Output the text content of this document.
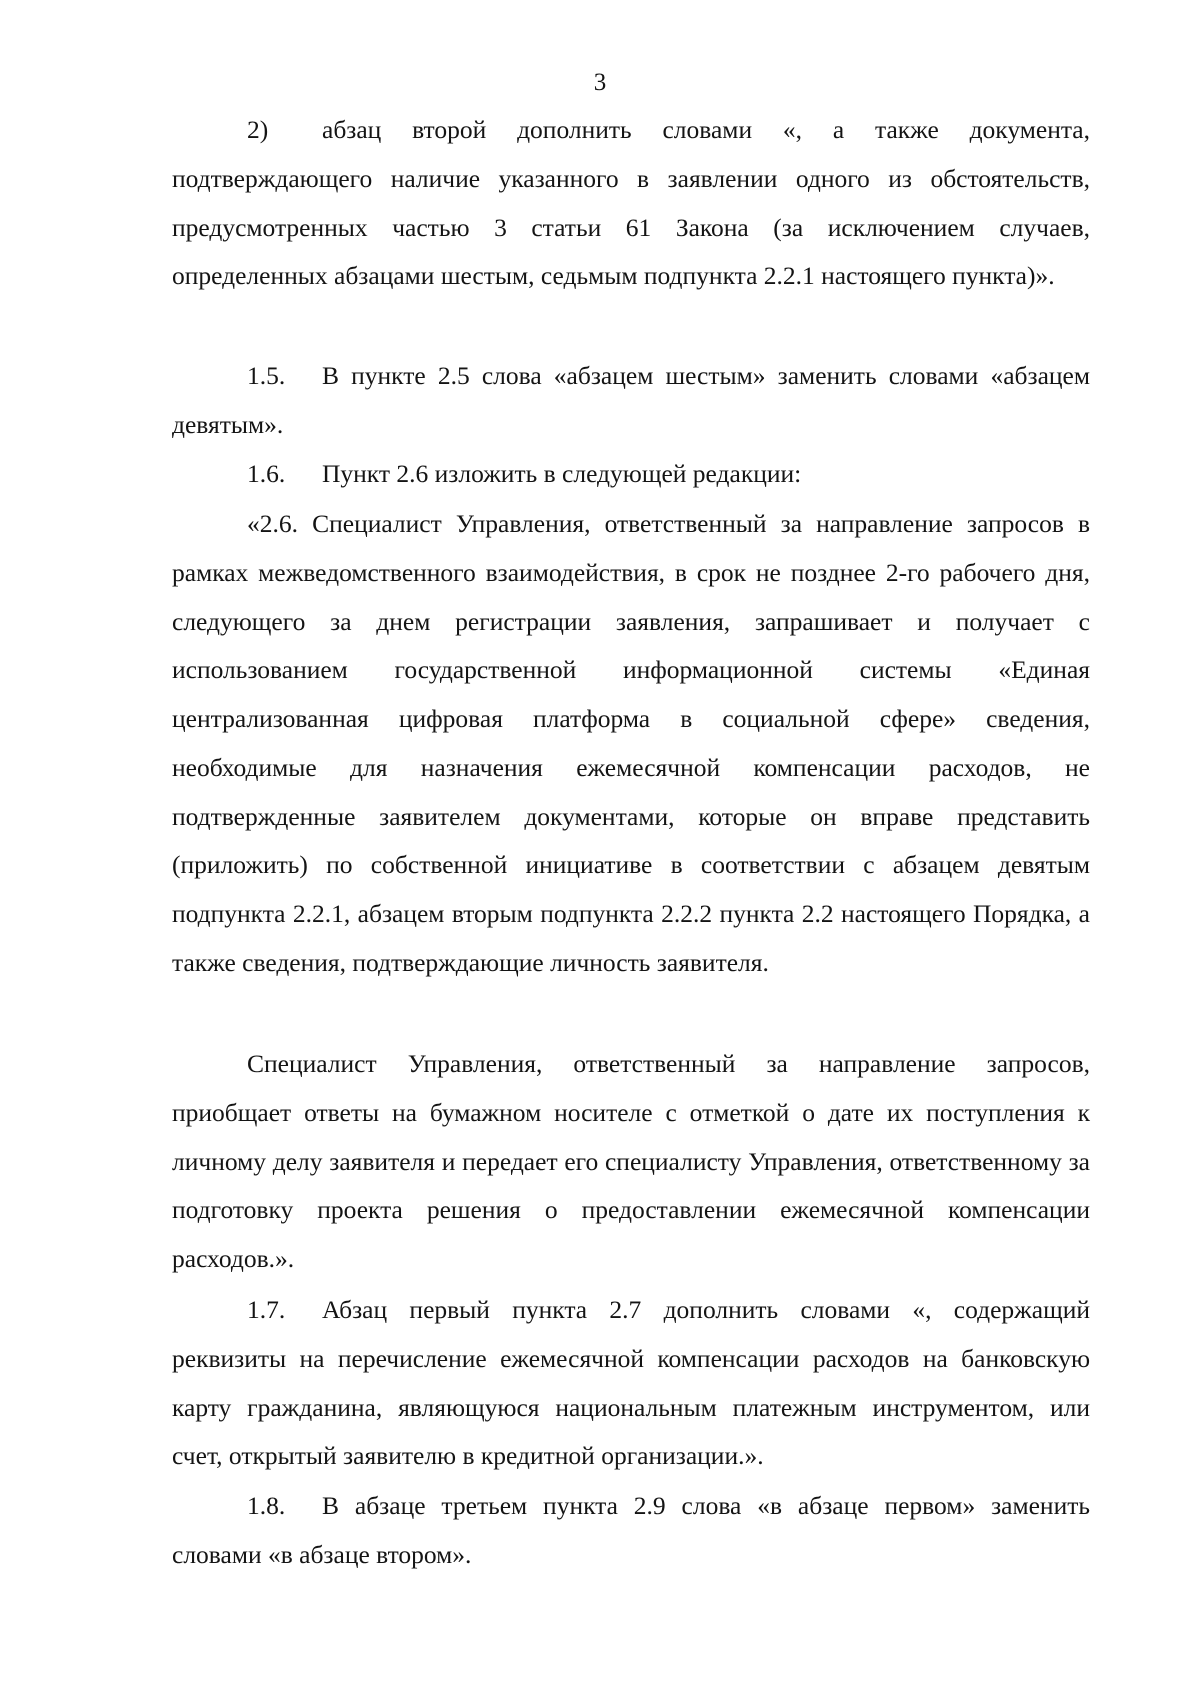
3

2) абзац второй дополнить словами «, а также документа, подтверждающего наличие указанного в заявлении одного из обстоятельств, предусмотренных частью 3 статьи 61 Закона (за исключением случаев, определенных абзацами шестым, седьмым подпункта 2.2.1 настоящего пункта)».

1.5. В пункте 2.5 слова «абзацем шестым» заменить словами «абзацем девятым».

1.6. Пункт 2.6 изложить в следующей редакции:

«2.6. Специалист Управления, ответственный за направление запросов в рамках межведомственного взаимодействия, в срок не позднее 2-го рабочего дня, следующего за днем регистрации заявления, запрашивает и получает с использованием государственной информационной системы «Единая централизованная цифровая платформа в социальной сфере» сведения, необходимые для назначения ежемесячной компенсации расходов, не подтвержденные заявителем документами, которые он вправе представить (приложить) по собственной инициативе в соответствии с абзацем девятым подпункта 2.2.1, абзацем вторым подпункта 2.2.2 пункта 2.2 настоящего Порядка, а также сведения, подтверждающие личность заявителя.

Специалист Управления, ответственный за направление запросов, приобщает ответы на бумажном носителе с отметкой о дате их поступления к личному делу заявителя и передает его специалисту Управления, ответственному за подготовку проекта решения о предоставлении ежемесячной компенсации расходов.».

1.7. Абзац первый пункта 2.7 дополнить словами «, содержащий реквизиты на перечисление ежемесячной компенсации расходов на банковскую карту гражданина, являющуюся национальным платежным инструментом, или счет, открытый заявителю в кредитной организации.».

1.8. В абзаце третьем пункта 2.9 слова «в абзаце первом» заменить словами «в абзаце втором».
